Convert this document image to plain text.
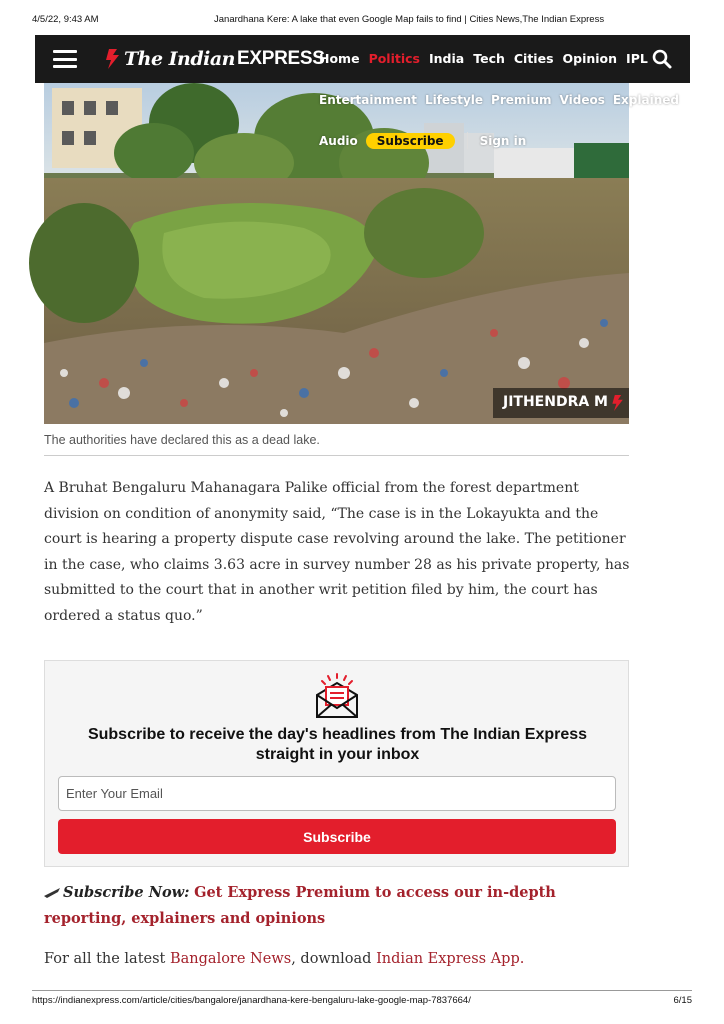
4/5/22, 9:43 AM	Janardhana Kere: A lake that even Google Map fails to find | Cities News,The Indian Express
The Indian EXPRESS
Home Politics India Tech Cities Opinion IPL
Entertainment Lifestyle Premium Videos Explained
Audio	Subscribe	Sign in
JITHENDRA M
The authorities have declared this as a dead lake.

A Bruhat Bengaluru Mahanagara Palike official from the forest department division on condition of anonymity said, “The case is in the Lokayukta and the court is hearing a property dispute case revolving around the lake. The petitioner in the case, who claims 3.63 acre in survey number 28 as his private property, has submitted to the court that in another writ petition filed by him, the court has ordered a status quo.”

Subscribe to receive the day's headlines from The Indian Express
straight in your inbox
Enter Your Email
Subscribe
Subscribe Now: Get Express Premium to access our in-depth reporting, explainers and opinions
For all the latest Bangalore News, download Indian Express App.
https://indianexpress.com/article/cities/bangalore/janardhana-kere-bengaluru-lake-google-map-7837664/	6/15
